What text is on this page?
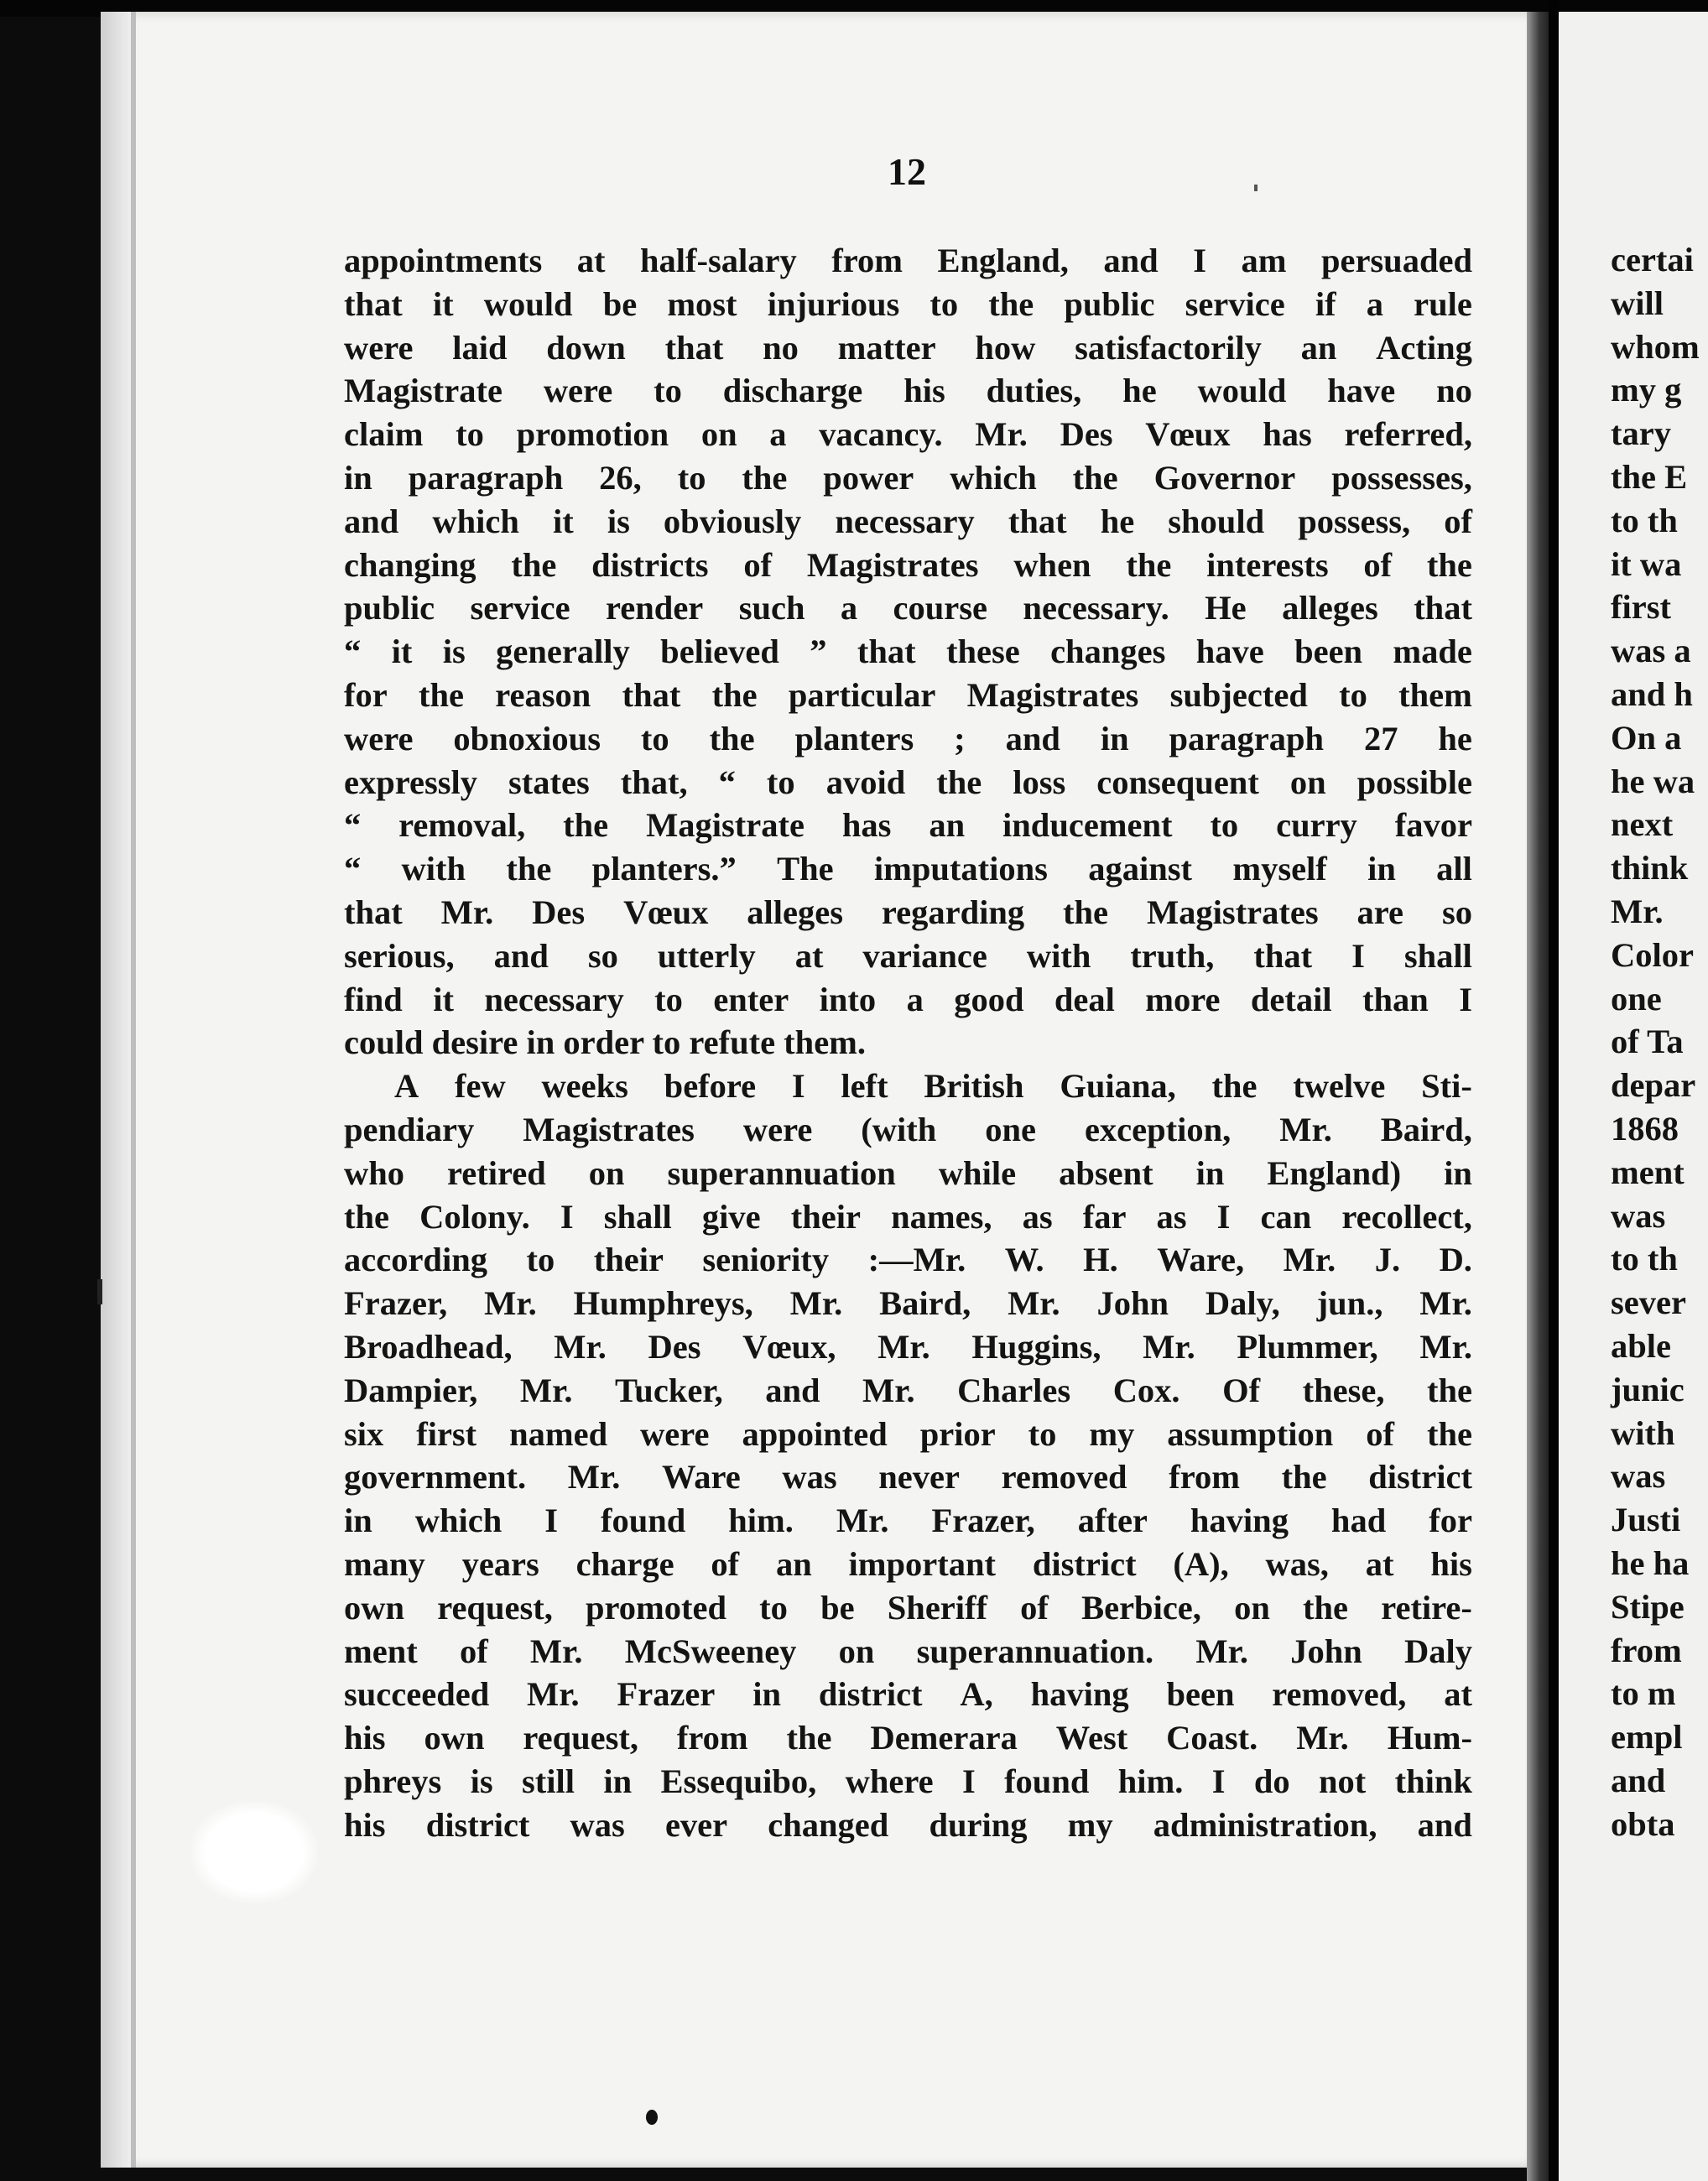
12
appointments at half-salary from England, and I am persuaded
that it would be most injurious to the public service if a rule
were laid down that no matter how satisfactorily an Acting
Magistrate were to discharge his duties, he would have no
claim to promotion on a vacancy. Mr. Des Vœux has referred,
in paragraph 26, to the power which the Governor possesses,
and which it is obviously necessary that he should possess, of
changing the districts of Magistrates when the interests of the
public service render such a course necessary. He alleges that
“ it is generally believed ” that these changes have been made
for the reason that the particular Magistrates subjected to them
were obnoxious to the planters ; and in paragraph 27 he
expressly states that, “ to avoid the loss consequent on possible
“ removal, the Magistrate has an inducement to curry favor
“ with the planters.” The imputations against myself in all
that Mr. Des Vœux alleges regarding the Magistrates are so
serious, and so utterly at variance with truth, that I shall
find it necessary to enter into a good deal more detail than I
could desire in order to refute them.
A few weeks before I left British Guiana, the twelve Sti-
pendiary Magistrates were (with one exception, Mr. Baird,
who retired on superannuation while absent in England) in
the Colony. I shall give their names, as far as I can recollect,
according to their seniority :—Mr. W. H. Ware, Mr. J. D.
Frazer, Mr. Humphreys, Mr. Baird, Mr. John Daly, jun., Mr.
Broadhead, Mr. Des Vœux, Mr. Huggins, Mr. Plummer, Mr.
Dampier, Mr. Tucker, and Mr. Charles Cox. Of these, the
six first named were appointed prior to my assumption of the
government. Mr. Ware was never removed from the district
in which I found him. Mr. Frazer, after having had for
many years charge of an important district (A), was, at his
own request, promoted to be Sheriff of Berbice, on the retire-
ment of Mr. McSweeney on superannuation. Mr. John Daly
succeeded Mr. Frazer in district A, having been removed, at
his own request, from the Demerara West Coast. Mr. Hum-
phreys is still in Essequibo, where I found him. I do not think
his district was ever changed during my administration, and
certai
will
whom
my g
tary
the E
to th
it wa
first
was a
and h
On a
he wa
next
think
Mr.
Color
one
of Ta
depar
1868
ment
was
to th
sever
able
junic
with
was
Justi
he ha
Stipe
from
to m
empl
and
obta
